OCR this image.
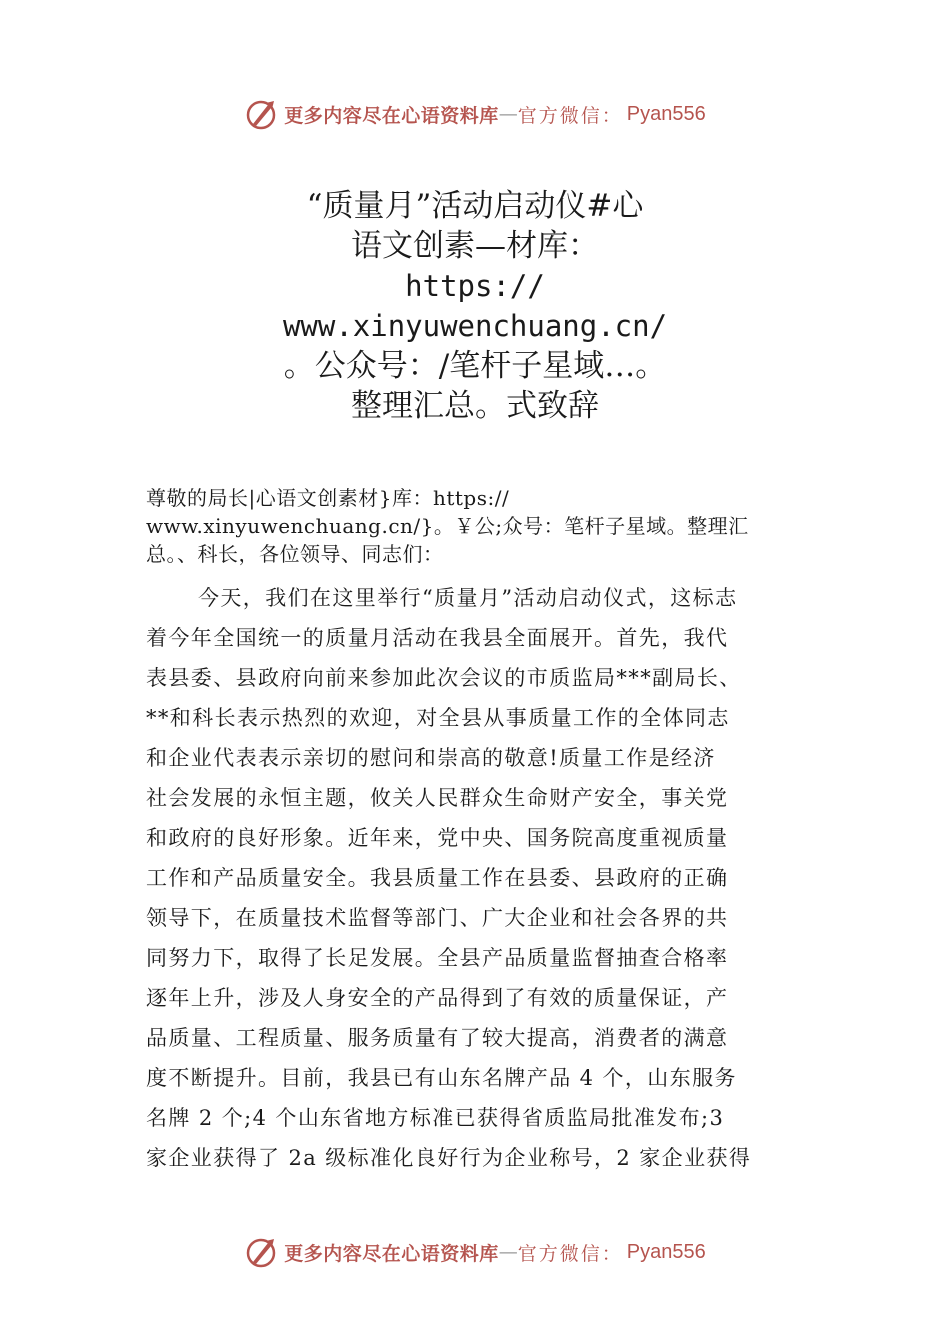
更多内容尽在心语资料库 — 官方微信： Pyan556
“质量月”活动启动仪#心
语文创素—材库：
https://
www.xinyuwenchuang.cn/
。公众号：/笔杆子星域…。
整理汇总。式致辞
尊敬的局长|心语文创素材}库：https://
www.xinyuwenchuang.cn/}。￥公;众号：笔杆子星域。整理汇
总。、科长，各位领导、同志们：
今天，我们在这里举行“质量月”活动启动仪式，这标志
着今年全国统一的质量月活动在我县全面展开。首先，我代
表县委、县政府向前来参加此次会议的市质监局***副局长、
**和科长表示热烈的欢迎，对全县从事质量工作的全体同志
和企业代表表示亲切的慰问和崇高的敬意!质量工作是经济
社会发展的永恒主题，攸关人民群众生命财产安全，事关党
和政府的良好形象。近年来，党中央、国务院高度重视质量
工作和产品质量安全。我县质量工作在县委、县政府的正确
领导下，在质量技术监督等部门、广大企业和社会各界的共
同努力下，取得了长足发展。全县产品质量监督抽查合格率
逐年上升，涉及人身安全的产品得到了有效的质量保证，产
品质量、工程质量、服务质量有了较大提高，消费者的满意
度不断提升。目前，我县已有山东名牌产品 4 个，山东服务
名牌 2 个;4 个山东省地方标准已获得省质监局批准发布;3
家企业获得了 2a 级标准化良好行为企业称号，2 家企业获得
更多内容尽在心语资料库 — 官方微信： Pyan556
